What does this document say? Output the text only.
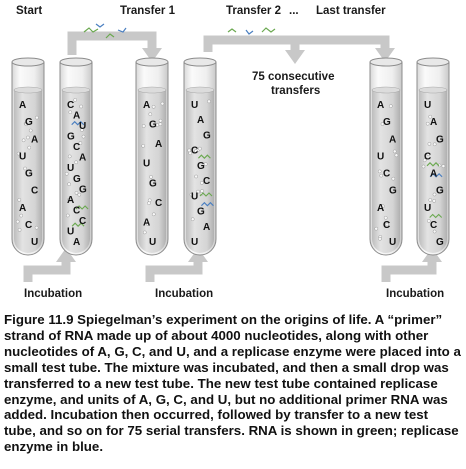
Start	Transfer 1	Transfer 2 ... Last transfer
75 consecutive
transfers
Incubation	Incubation	Incubation
A
G
A
U
G
C
A
C
U
C
A
U
G
C
A
U
G
G
A
C
C
U
A
A
G
A
U
G
C
A
U
U
A
G
C
G
C
U
G
A
U
A
G
A
U
C
G
A
C
U
U
A
G
C
A
G
U
C
G

Figure 11.9 Spiegelman’s experiment on the origins of life. A “primer” strand of RNA made up of about 4000 nucleotides, along with other nucleotides of A, G, C, and U, and a replicase enzyme were placed into a small test tube. The mixture was incubated, and then a small drop was transferred to a new test tube. The new test tube contained replicase enzyme, and units of A, G, C, and U, but no additional primer RNA was added. Incubation then occurred, followed by transfer to a new test tube, and so on for 75 serial transfers. RNA is shown in green; replicase enzyme in blue.
